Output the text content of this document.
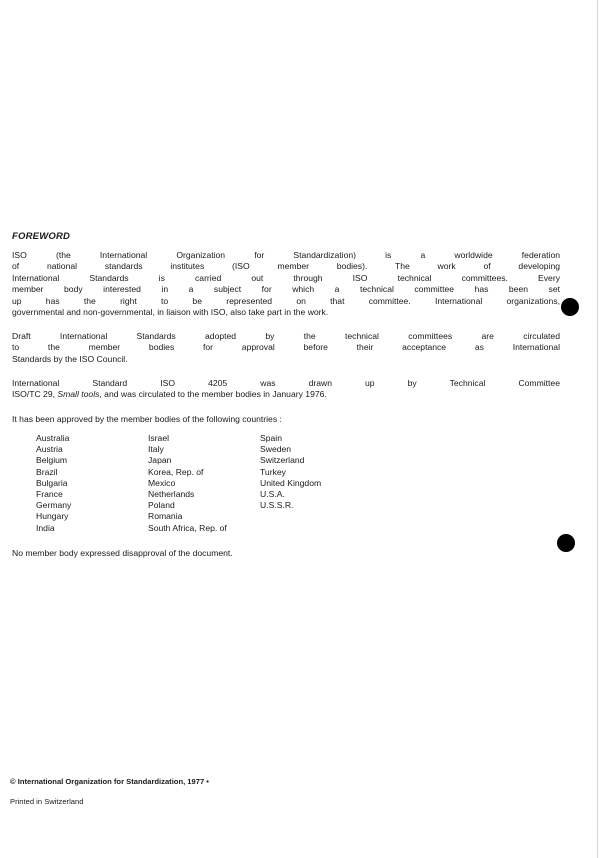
FOREWORD
ISO (the International Organization for Standardization) is a worldwide federation
of national standards institutes (ISO member bodies). The work of developing
International Standards is carried out through ISO technical committees. Every
member body interested in a subject for which a technical committee has been set
up has the right to be represented on that committee. International organizations,
governmental and non-governmental, in liaison with ISO, also take part in the work.
Draft International Standards adopted by the technical committees are circulated
to the member bodies for approval before their acceptance as International
Standards by the ISO Council.
International Standard ISO 4205 was drawn up by Technical Committee
ISO/TC 29, Small tools, and was circulated to the member bodies in January 1976.
It has been approved by the member bodies of the following countries :
Australia
Austria
Belgium
Brazil
Bulgaria
France
Germany
Hungary
India
Israel
Italy
Japan
Korea, Rep. of
Mexico
Netherlands
Poland
Romania
South Africa, Rep. of
Spain
Sweden
Switzerland
Turkey
United Kingdom
U.S.A.
U.S.S.R.
No member body expressed disapproval of the document.
© International Organization for Standardization, 1977 •
Printed in Switzerland
